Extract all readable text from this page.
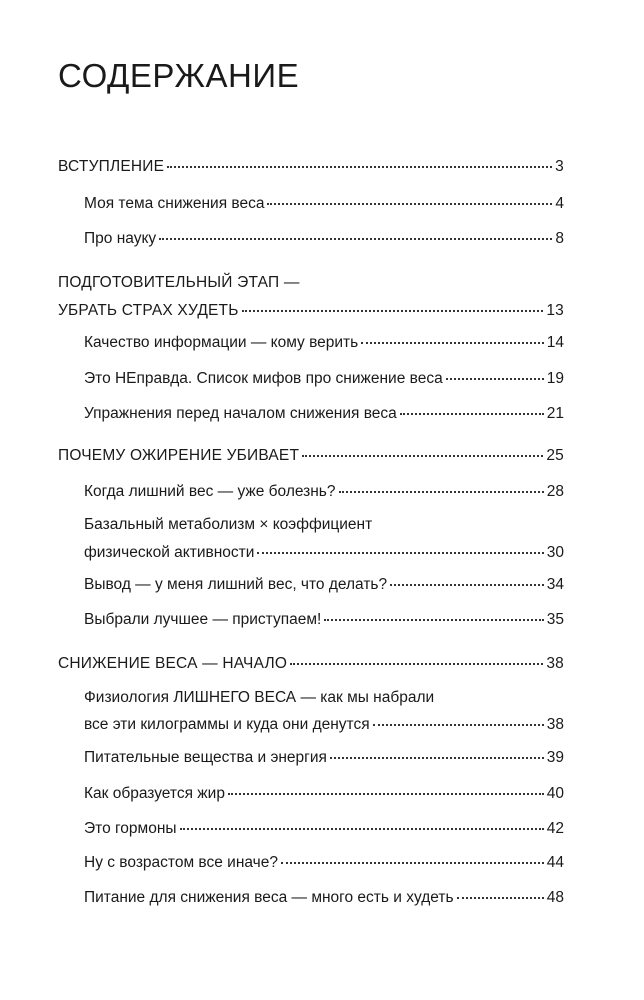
СОДЕРЖАНИЕ
ВСТУПЛЕНИЕ	3
Моя тема снижения веса	4
Про науку	8
ПОДГОТОВИТЕЛЬНЫЙ ЭТАП —
УБРАТЬ СТРАХ ХУДЕТЬ	13
Качество информации — кому верить	14
Это НЕправда. Список мифов про снижение веса	19
Упражнения перед началом снижения веса	21
ПОЧЕМУ ОЖИРЕНИЕ УБИВАЕТ	25
Когда лишний вес — уже болезнь?	28
Базальный метаболизм × коэффициент
физической активности	30
Вывод — у меня лишний вес, что делать?	34
Выбрали лучшее — приступаем!	35
СНИЖЕНИЕ ВЕСА — НАЧАЛО	38
Физиология ЛИШНЕГО ВЕСА — как мы набрали
все эти килограммы и куда они денутся	38
Питательные вещества и энергия	39
Как образуется жир	40
Это гормоны	42
Ну с возрастом все иначе?	44
Питание для снижения веса — много есть и худеть	48
